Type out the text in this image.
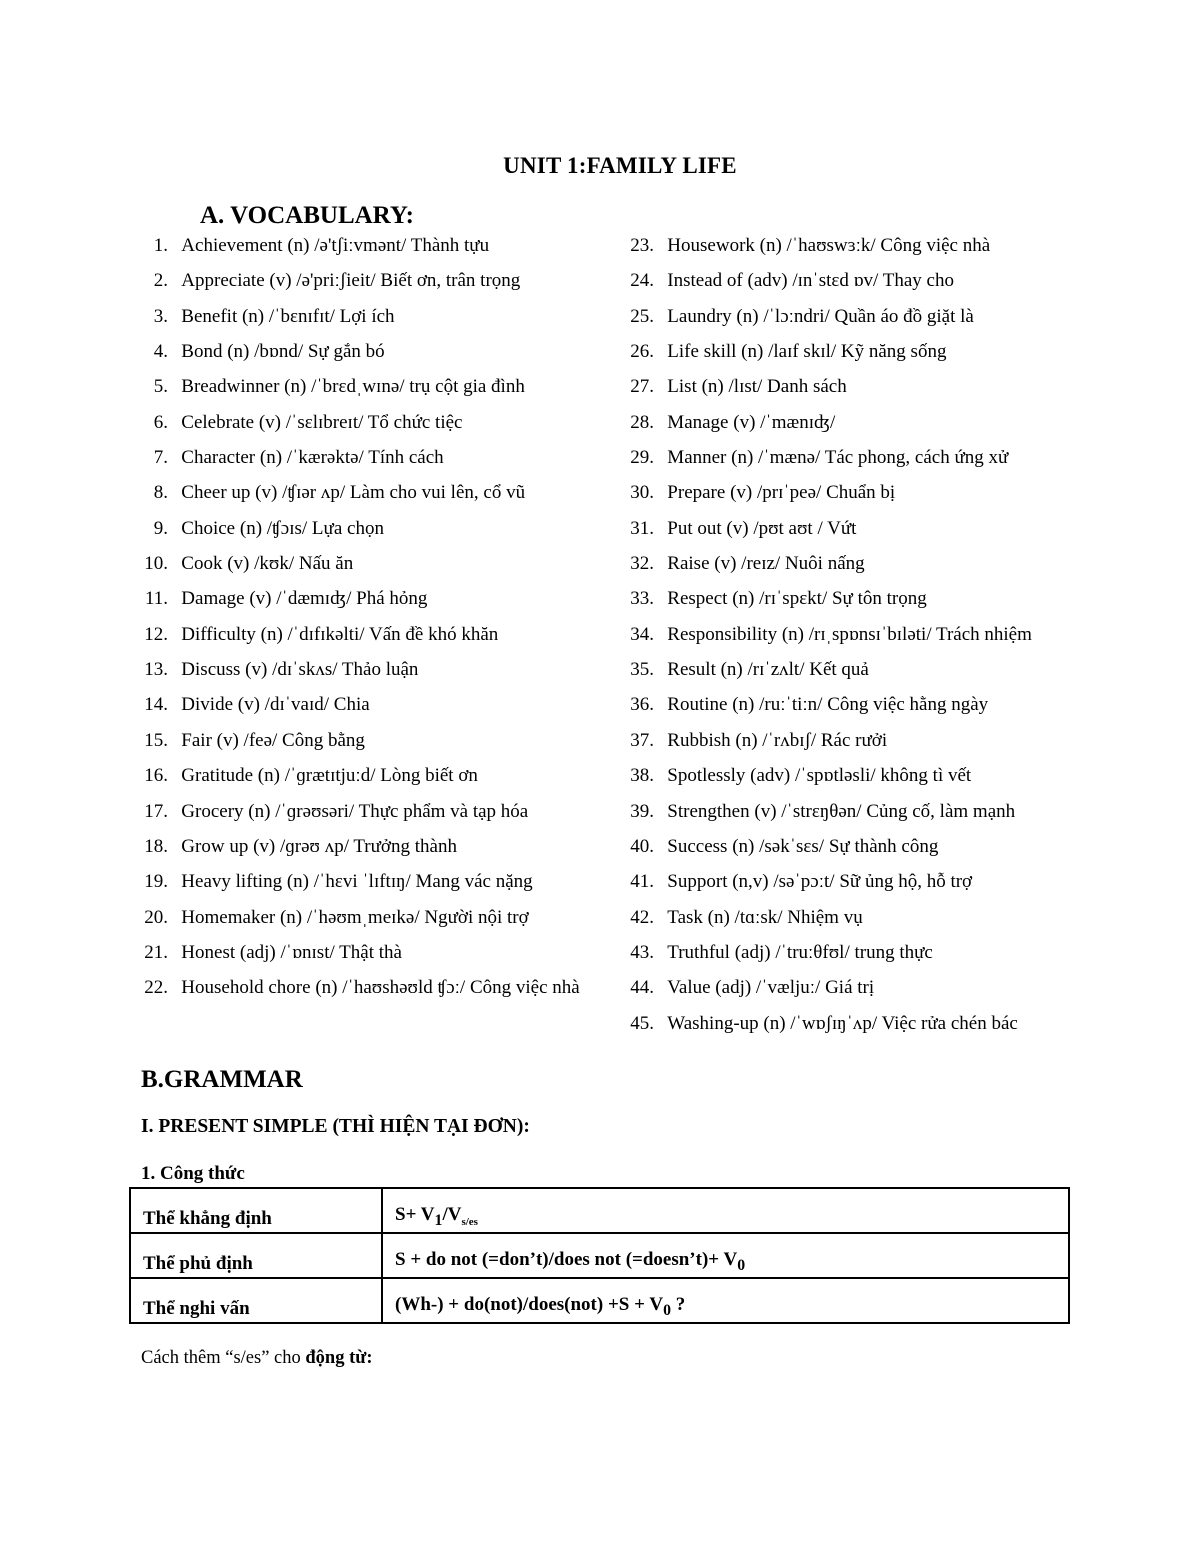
UNIT 1:FAMILY LIFE
A. VOCABULARY:
1. Achievement (n) /ə'tʃiːvmənt/ Thành tựu
2. Appreciate (v) /ə'priːʃieit/ Biết ơn, trân trọng
3. Benefit (n) /ˈbɛnɪfɪt/ Lợi ích
4. Bond (n) /bɒnd/ Sự gắn bó
5. Breadwinner (n) /ˈbrɛdˌwɪnə/ trụ cột gia đình
6. Celebrate (v) /ˈsɛlɪbreɪt/ Tổ chức tiệc
7. Character (n) /ˈkærəktə/ Tính cách
8. Cheer up (v) /ʧɪər ʌp/ Làm cho vui lên, cổ vũ
9. Choice (n) /ʧɔɪs/ Lựa chọn
10. Cook (v) /kʊk/ Nấu ăn
11. Damage (v) /ˈdæmɪʤ/ Phá hỏng
12. Difficulty (n) /ˈdɪfɪkəlti/ Vấn đề khó khăn
13. Discuss (v) /dɪˈskʌs/ Thảo luận
14. Divide (v) /dɪˈvaɪd/ Chia
15. Fair (v) /feə/ Công bằng
16. Gratitude (n) /ˈɡrætɪtjuːd/ Lòng biết ơn
17. Grocery (n) /ˈɡrəʊsəri/ Thực phẩm và tạp hóa
18. Grow up (v) /ɡrəʊ ʌp/ Trưởng thành
19. Heavy lifting (n) /ˈhɛvi ˈlɪftɪŋ/ Mang vác nặng
20. Homemaker (n) /ˈhəʊmˌmeɪkə/ Người nội trợ
21. Honest (adj) /ˈɒnɪst/ Thật thà
22. Household chore (n) /ˈhaʊshəʊld ʧɔː/ Công việc nhà
23. Housework (n) /ˈhaʊswɜːk/ Công việc nhà
24. Instead of (adv) /ɪnˈstɛd ɒv/ Thay cho
25. Laundry (n) /ˈlɔːndri/ Quần áo đồ giặt là
26. Life skill (n) /laɪf skɪl/ Kỹ năng sống
27. List (n) /lɪst/ Danh sách
28. Manage (v) /ˈmænɪʤ/
29. Manner (n) /ˈmænə/ Tác phong, cách ứng xử
30. Prepare (v) /prɪˈpeə/ Chuẩn bị
31. Put out (v) /pʊt aʊt / Vứt
32. Raise (v) /reɪz/ Nuôi nấng
33. Respect (n) /rɪˈspɛkt/ Sự tôn trọng
34. Responsibility (n) /rɪˌspɒnsɪˈbɪləti/ Trách nhiệm
35. Result (n) /rɪˈzʌlt/ Kết quả
36. Routine (n) /ruːˈtiːn/ Công việc hằng ngày
37. Rubbish (n) /ˈrʌbɪʃ/ Rác rưởi
38. Spotlessly (adv) /ˈspɒtləsli/ không tì vết
39. Strengthen (v) /ˈstrɛŋθən/ Củng cố, làm mạnh
40. Success (n) /səkˈsɛs/ Sự thành công
41. Support (n,v) /səˈpɔːt/ Sữ ủng hộ, hỗ trợ
42. Task (n) /tɑːsk/ Nhiệm vụ
43. Truthful (adj) /ˈtruːθfʊl/ trung thực
44. Value (adj) /ˈvæljuː/ Giá trị
45. Washing-up (n) /ˈwɒʃɪŋˈʌp/ Việc rửa chén bác
B.GRAMMAR
I. PRESENT SIMPLE (THÌ HIỆN TẠI ĐƠN):
1. Công thức
Thể khẳng định	$S+ V_1/V_{s/es}$
Thể phủ định	S + do not (=don’t)/does not (=doesn’t)+ $V_0$
Thể nghi vấn	(Wh-) + do(not)/does(not) $+S + V_0$ ?
Cách thêm “s/es” cho động từ:
